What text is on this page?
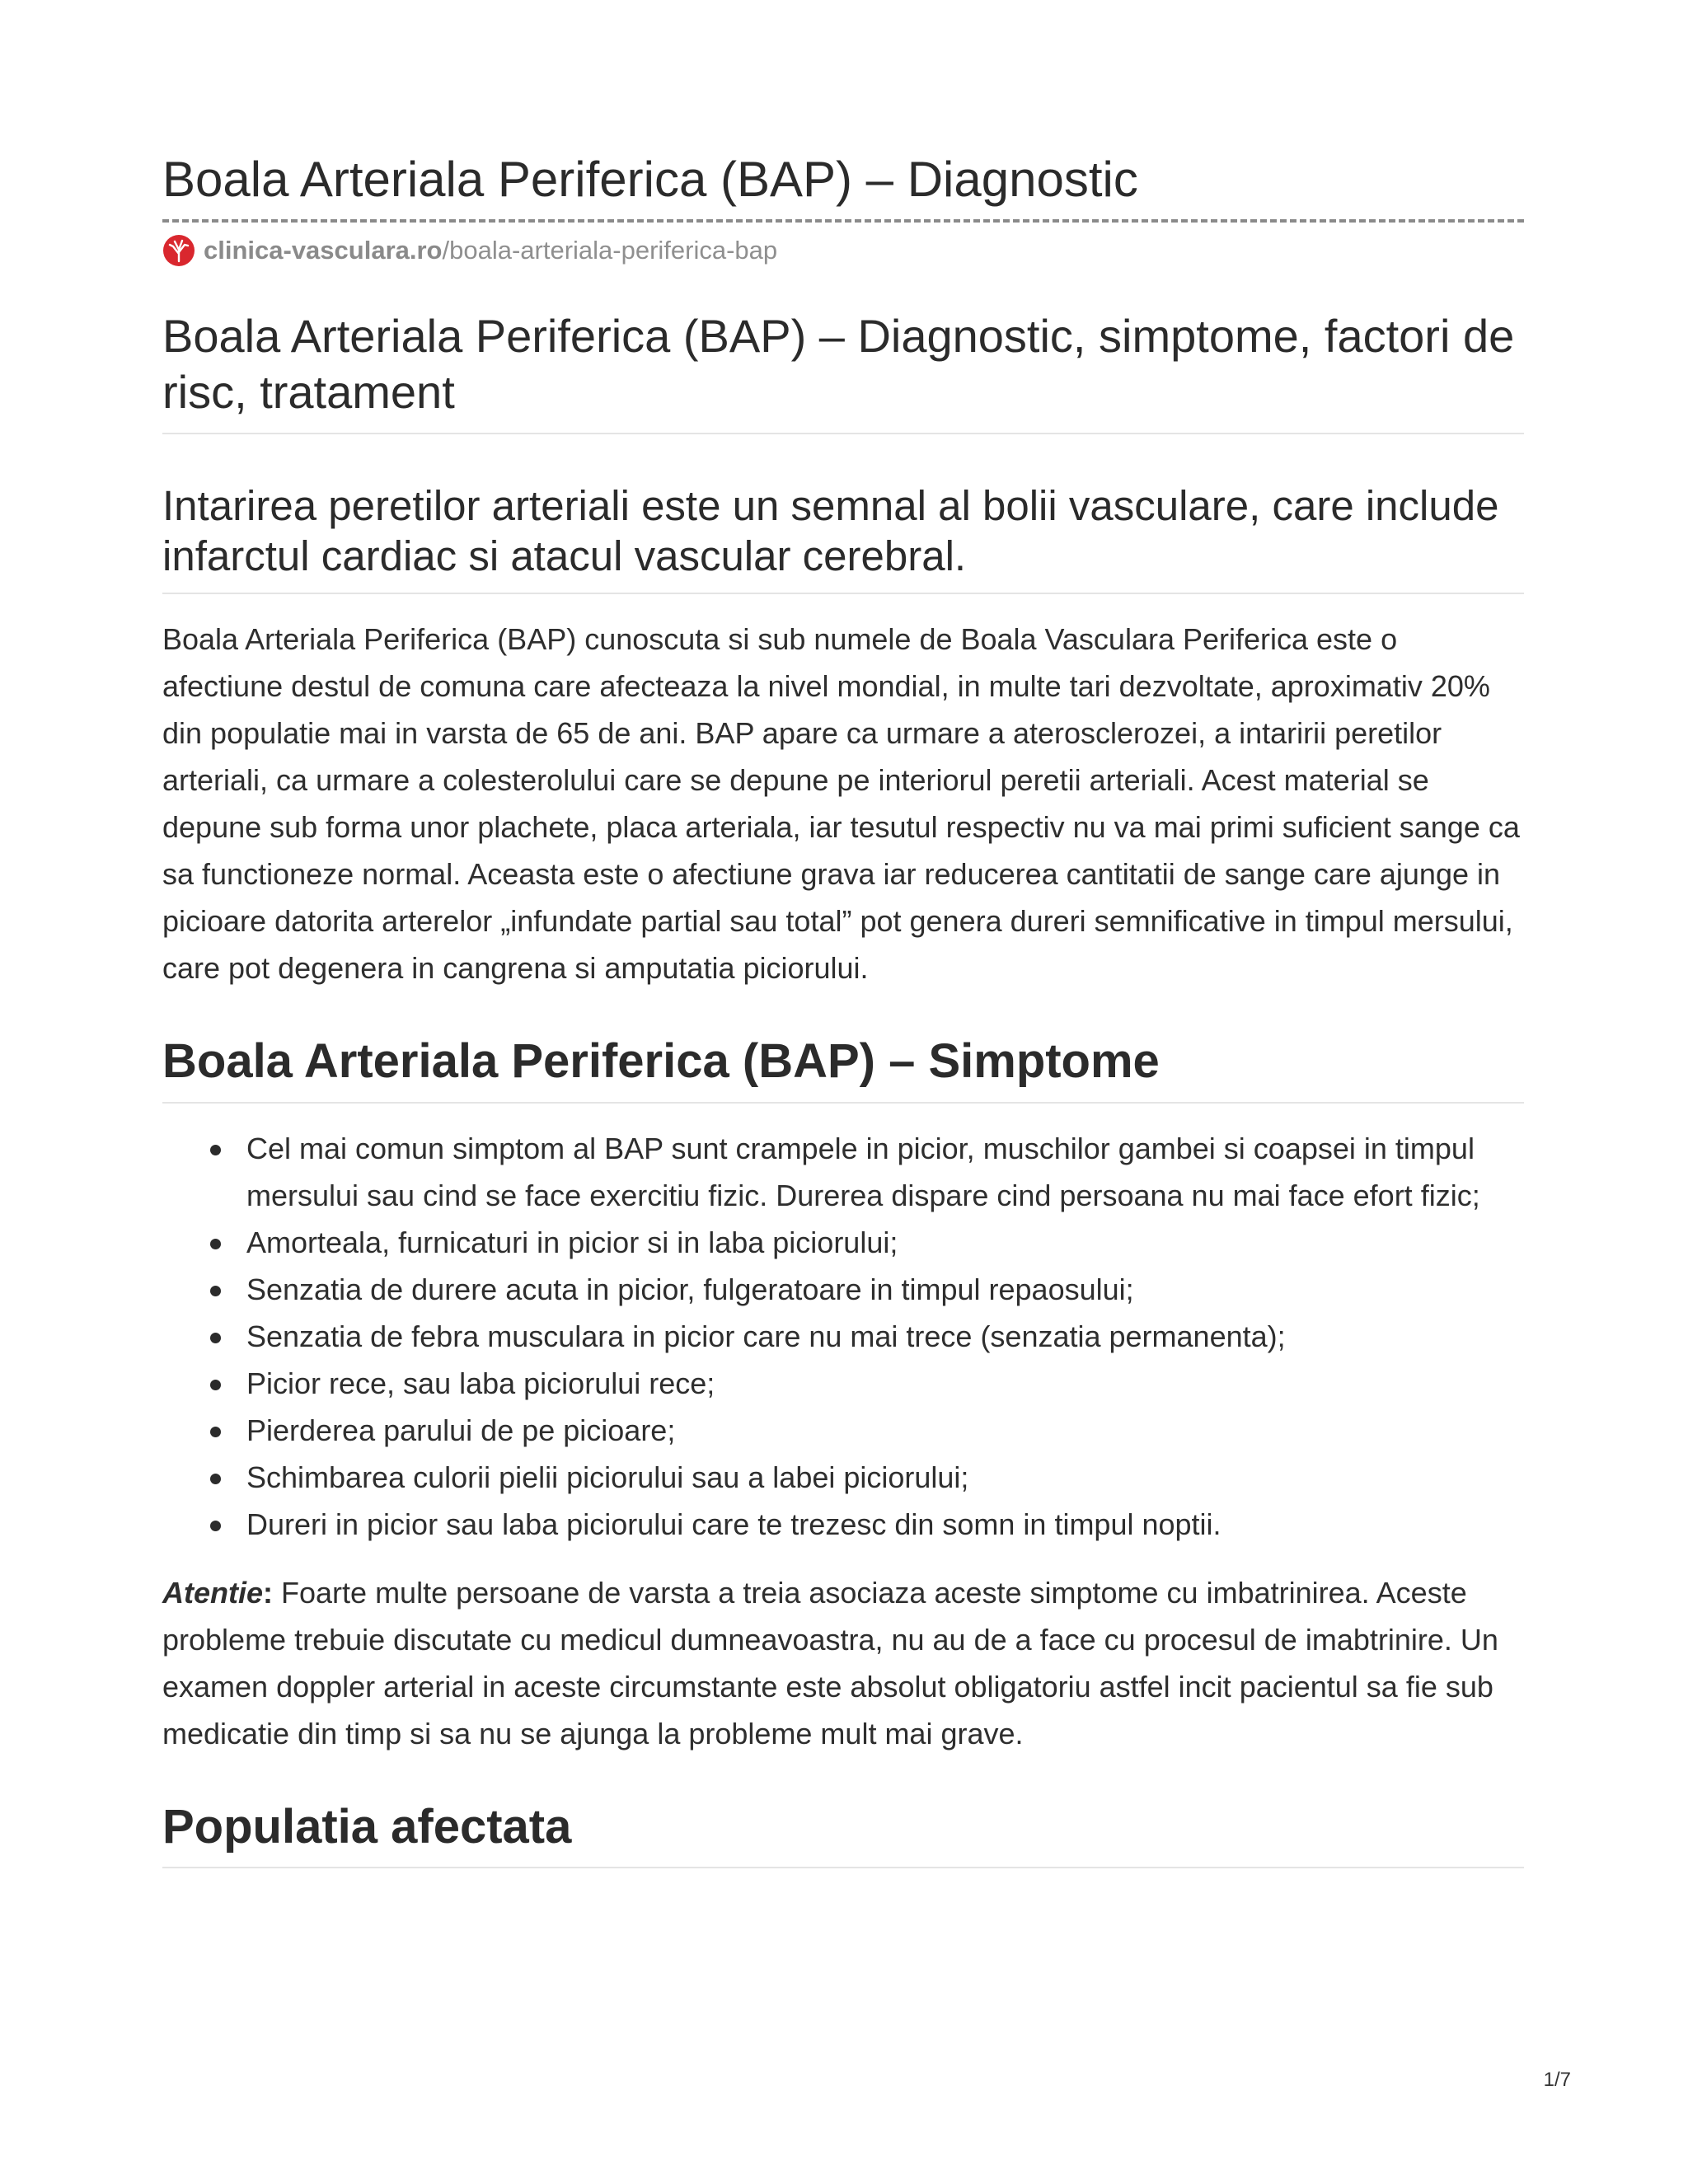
Boala Arteriala Periferica (BAP) – Diagnostic
clinica-vasculara.ro /boala-arteriala-periferica-bap
Boala Arteriala Periferica (BAP) – Diagnostic, simptome, factori de risc, tratament
Intarirea peretilor arteriali este un semnal al bolii vasculare, care include infarctul cardiac si atacul vascular cerebral.

Boala Arteriala Periferica (BAP) cunoscuta si sub numele de Boala Vasculara Periferica este o afectiune destul de comuna care afecteaza la nivel mondial, in multe tari dezvoltate, aproximativ 20% din populatie mai in varsta de 65 de ani. BAP apare ca urmare a aterosclerozei, a intaririi peretilor arteriali, ca urmare a colesterolului care se depune pe interiorul peretii arteriali. Acest material se depune sub forma unor plachete, placa arteriala, iar tesutul respectiv nu va mai primi suficient sange ca sa functioneze normal. Aceasta este o afectiune grava iar reducerea cantitatii de sange care ajunge in picioare datorita arterelor „infundate partial sau total” pot genera dureri semnificative in timpul mersului, care pot degenera in cangrena si amputatia piciorului.

Boala Arteriala Periferica (BAP) – Simptome
Cel mai comun simptom al BAP sunt crampele in picior, muschilor gambei si coapsei in timpul mersului sau cind se face exercitiu fizic. Durerea dispare cind persoana nu mai face efort fizic;
Amorteala, furnicaturi in picior si in laba piciorului;
Senzatia de durere acuta in picior, fulgeratoare in timpul repaosului;
Senzatia de febra musculara in picior care nu mai trece (senzatia permanenta);
Picior rece, sau laba piciorului rece;
Pierderea parului de pe picioare;
Schimbarea culorii pielii piciorului sau a labei piciorului;
Dureri in picior sau laba piciorului care te trezesc din somn in timpul noptii.

Atentie: Foarte multe persoane de varsta a treia asociaza aceste simptome cu imbatrinirea. Aceste probleme trebuie discutate cu medicul dumneavoastra, nu au de a face cu procesul de imabtrinire. Un examen doppler arterial in aceste circumstante este absolut obligatoriu astfel incit pacientul sa fie sub medicatie din timp si sa nu se ajunga la probleme mult mai grave.

Populatia afectata
1/7
